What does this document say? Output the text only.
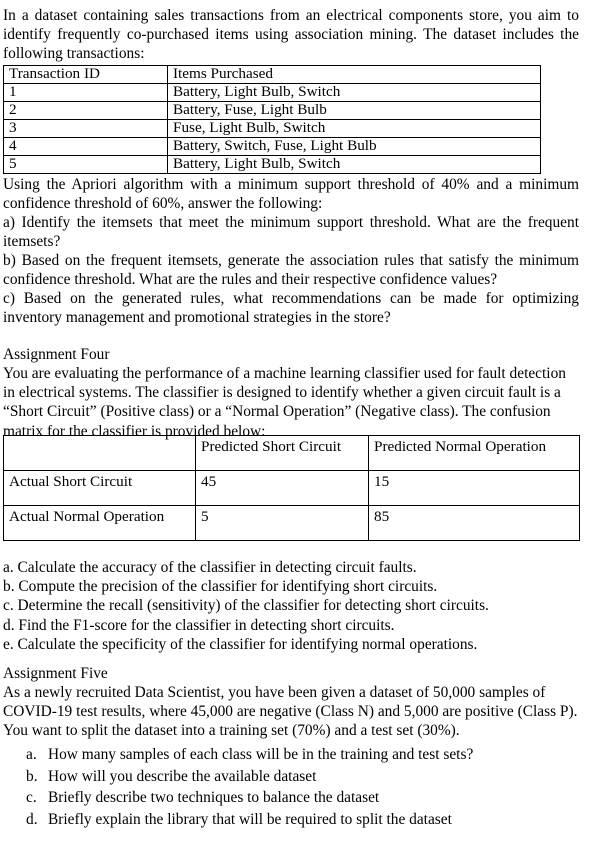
In a dataset containing sales transactions from an electrical components store, you aim to identify frequently co-purchased items using association mining. The dataset includes the following transactions:

Transaction ID	Items Purchased
1	Battery, Light Bulb, Switch
2	Battery, Fuse, Light Bulb
3	Fuse, Light Bulb, Switch
4	Battery, Switch, Fuse, Light Bulb
5	Battery, Light Bulb, Switch

Using the Apriori algorithm with a minimum support threshold of 40% and a minimum confidence threshold of 60%, answer the following:

a) Identify the itemsets that meet the minimum support threshold. What are the frequent itemsets?

b) Based on the frequent itemsets, generate the association rules that satisfy the minimum confidence threshold. What are the rules and their respective confidence values?

c) Based on the generated rules, what recommendations can be made for optimizing inventory management and promotional strategies in the store?

Assignment Four

You are evaluating the performance of a machine learning classifier used for fault detection in electrical systems. The classifier is designed to identify whether a given circuit fault is a “Short Circuit” (Positive class) or a “Normal Operation” (Negative class). The confusion matrix for the classifier is provided below:

	Predicted Short Circuit	Predicted Normal Operation
Actual Short Circuit	45	15
Actual Normal Operation	5	85
a. Calculate the accuracy of the classifier in detecting circuit faults.
b. Compute the precision of the classifier for identifying short circuits.
c. Determine the recall (sensitivity) of the classifier for detecting short circuits.
d. Find the F1-score for the classifier in detecting short circuits.
e. Calculate the specificity of the classifier for identifying normal operations.

Assignment Five

As a newly recruited Data Scientist, you have been given a dataset of 50,000 samples of COVID-19 test results, where 45,000 are negative (Class N) and 5,000 are positive (Class P). You want to split the dataset into a training set (70%) and a test set (30%).

a. How many samples of each class will be in the training and test sets?
b. How will you describe the available dataset
c. Briefly describe two techniques to balance the dataset
d. Briefly explain the library that will be required to split the dataset
